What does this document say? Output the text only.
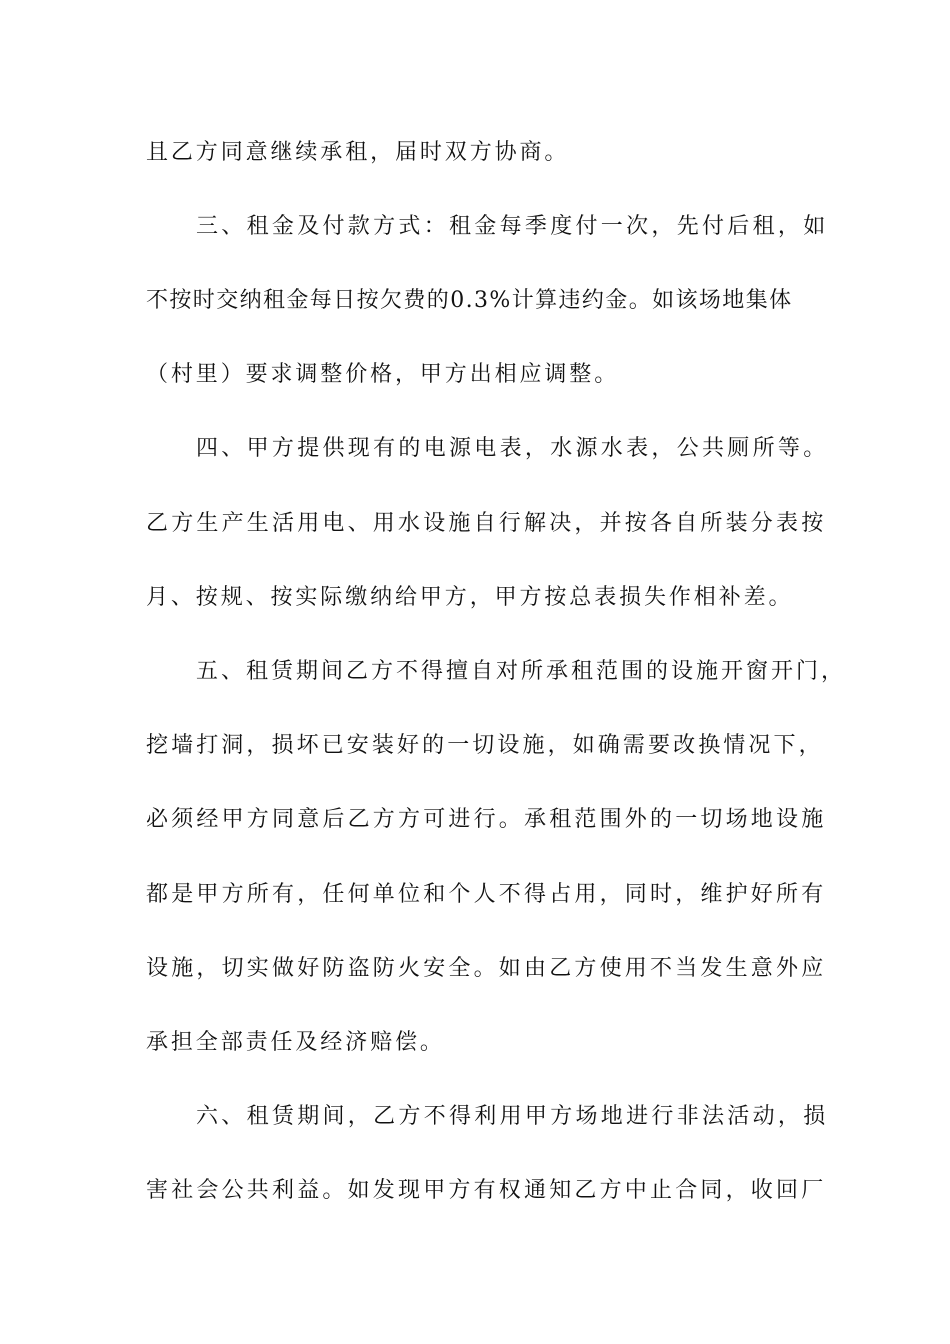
且乙方同意继续承租，届时双方协商。
三、租金及付款方式：租金每季度付一次，先付后租，如
不按时交纳租金每日按欠费的0.3%计算违约金。如该场地集体
（村里）要求调整价格，甲方出相应调整。
四、甲方提供现有的电源电表，水源水表，公共厕所等。
乙方生产生活用电、用水设施自行解决，并按各自所装分表按
月、按规、按实际缴纳给甲方，甲方按总表损失作相补差。
五、租赁期间乙方不得擅自对所承租范围的设施开窗开门，
挖墙打洞，损坏已安装好的一切设施，如确需要改换情况下，
必须经甲方同意后乙方方可进行。承租范围外的一切场地设施
都是甲方所有，任何单位和个人不得占用，同时，维护好所有
设施，切实做好防盗防火安全。如由乙方使用不当发生意外应
承担全部责任及经济赔偿。
六、租赁期间，乙方不得利用甲方场地进行非法活动，损
害社会公共利益。如发现甲方有权通知乙方中止合同，收回厂
